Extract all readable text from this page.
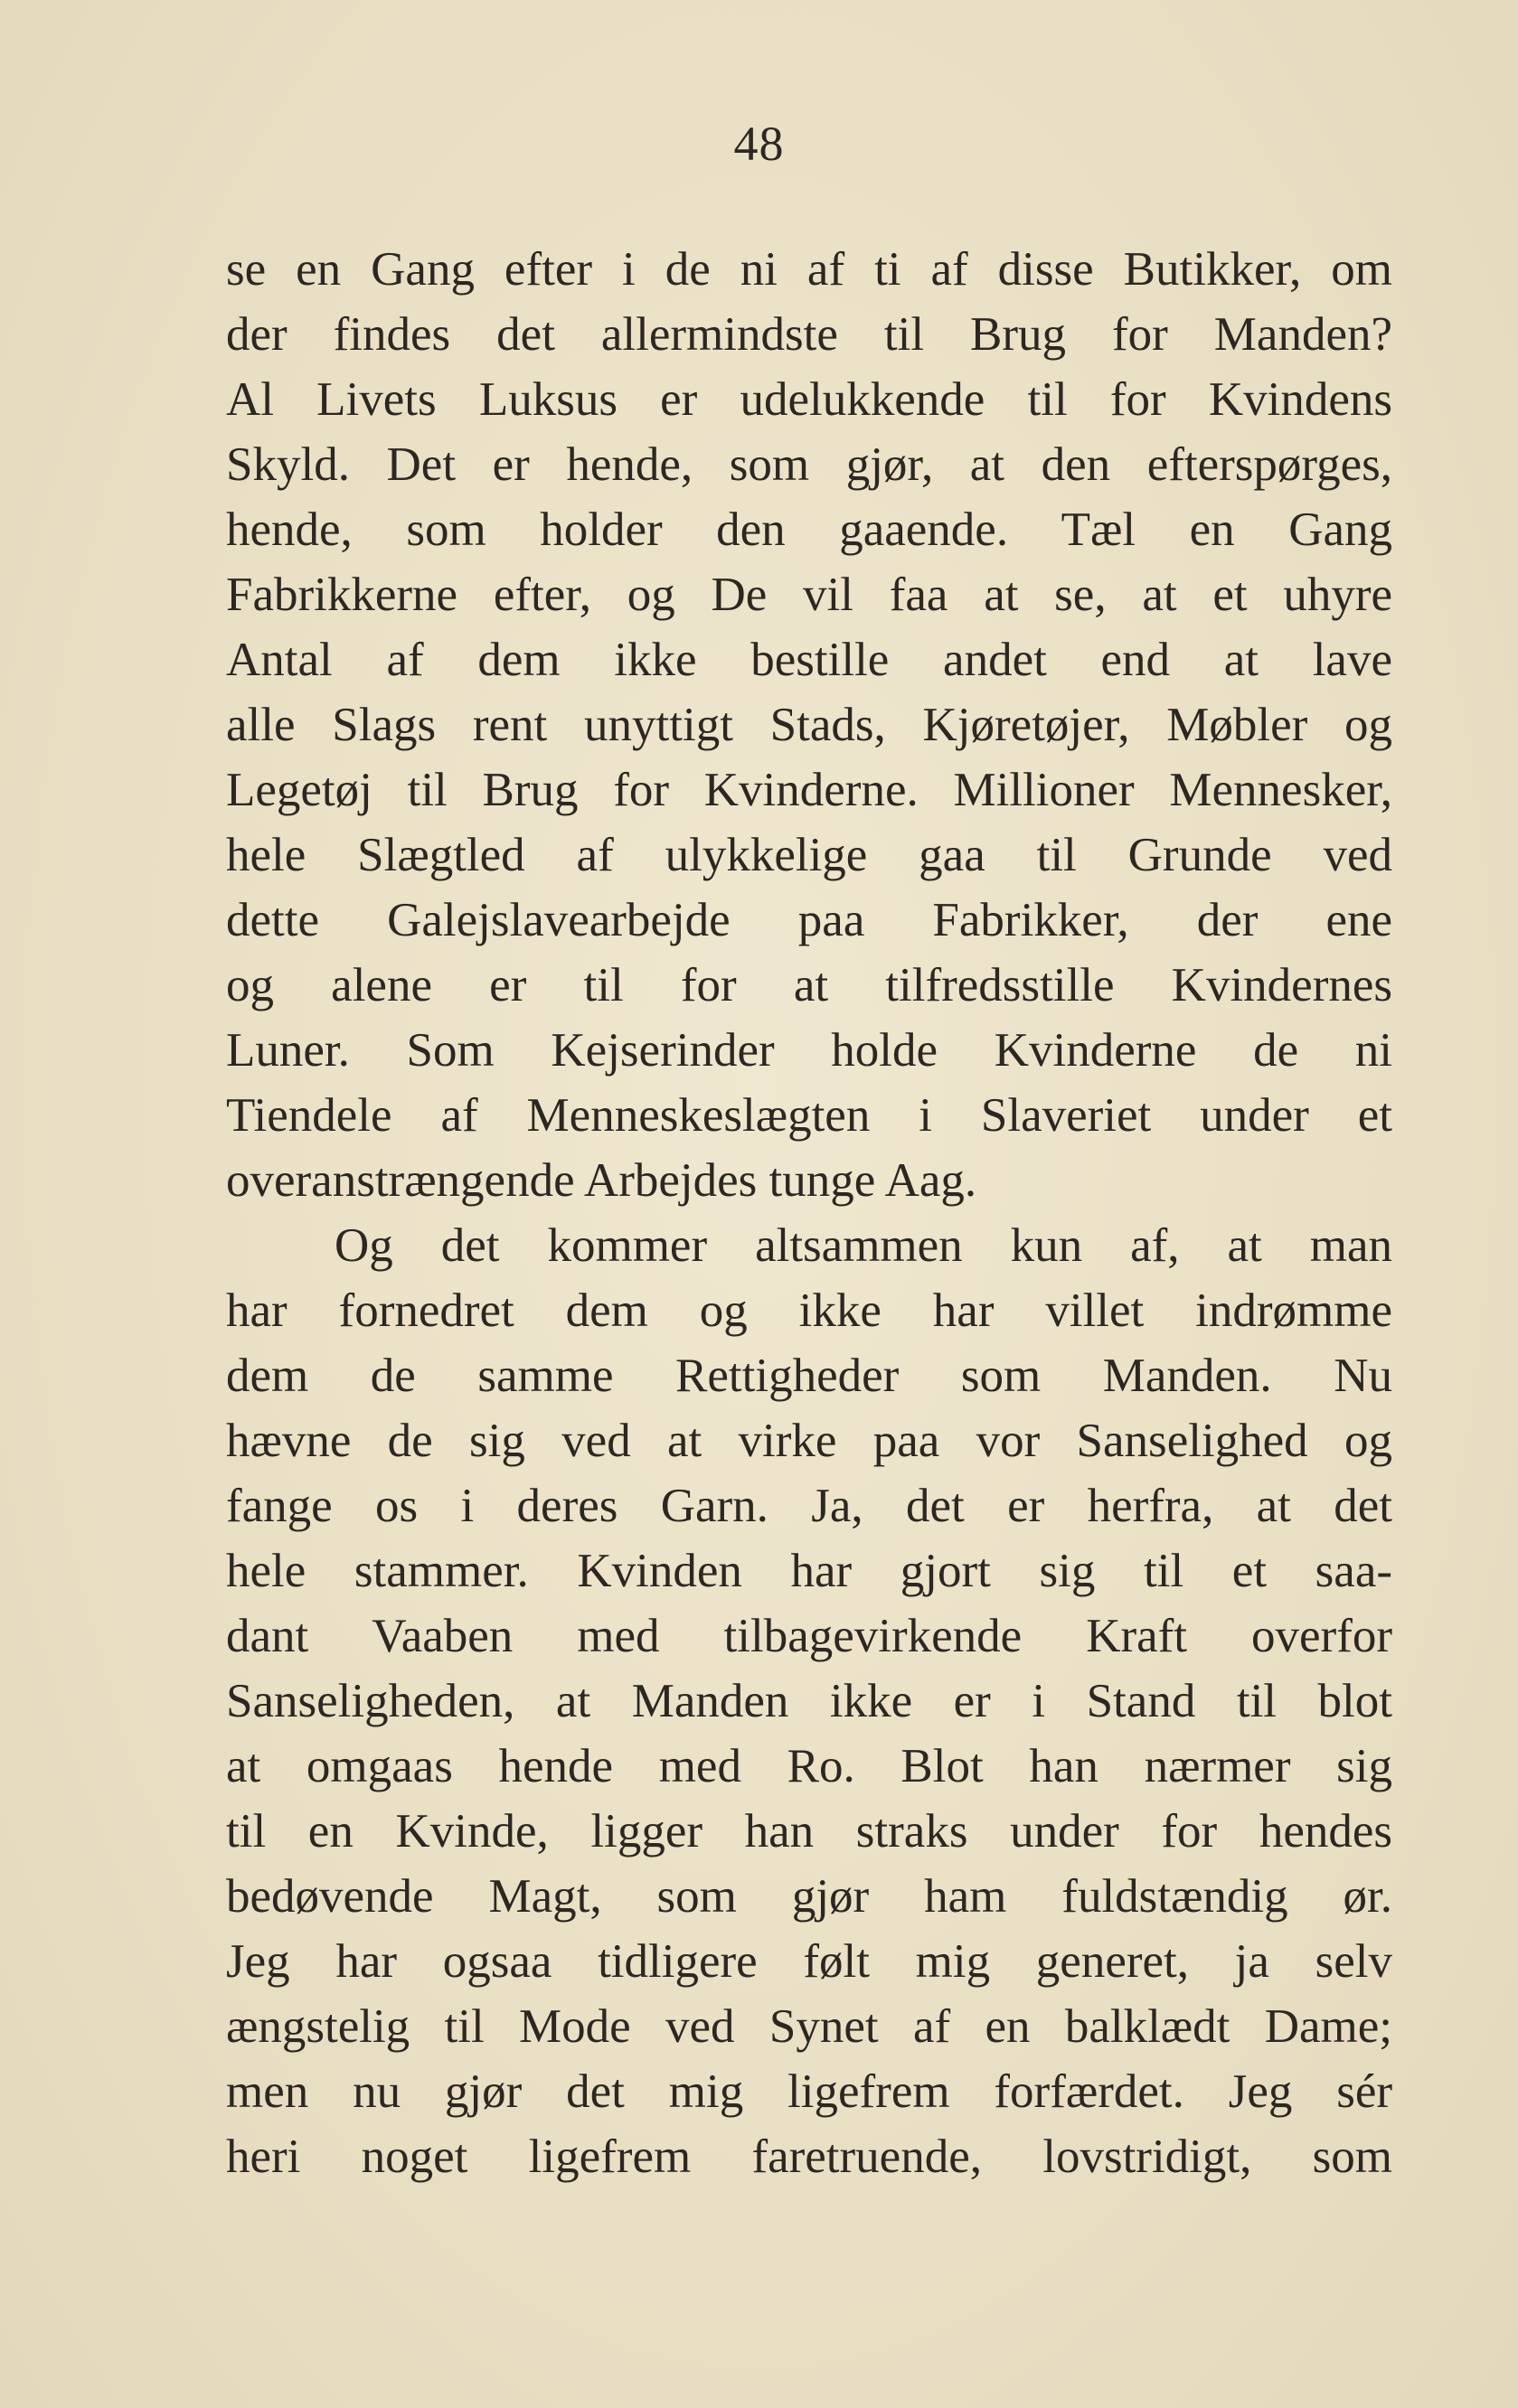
48
se en Gang efter i de ni af ti af disse Butikker, om
der findes det allermindste til Brug for Manden?
Al Livets Luksus er udelukkende til for Kvindens
Skyld. Det er hende, som gjør, at den efterspørges,
hende, som holder den gaaende. Tæl en Gang
Fabrikkerne efter, og De vil faa at se, at et uhyre
Antal af dem ikke bestille andet end at lave
alle Slags rent unyttigt Stads, Kjøretøjer, Møbler og
Legetøj til Brug for Kvinderne. Millioner Mennesker,
hele Slægtled af ulykkelige gaa til Grunde ved
dette Galejslavearbejde paa Fabrikker, der ene
og alene er til for at tilfredsstille Kvindernes
Luner. Som Kejserinder holde Kvinderne de ni
Tiendele af Menneskeslægten i Slaveriet under et
overanstrængende Arbejdes tunge Aag.
Og det kommer altsammen kun af, at man
har fornedret dem og ikke har villet indrømme
dem de samme Rettigheder som Manden. Nu
hævne de sig ved at virke paa vor Sanselighed og
fange os i deres Garn. Ja, det er herfra, at det
hele stammer. Kvinden har gjort sig til et saa-
dant Vaaben med tilbagevirkende Kraft overfor
Sanseligheden, at Manden ikke er i Stand til blot
at omgaas hende med Ro. Blot han nærmer sig
til en Kvinde, ligger han straks under for hendes
bedøvende Magt, som gjør ham fuldstændig ør.
Jeg har ogsaa tidligere følt mig generet, ja selv
ængstelig til Mode ved Synet af en balklædt Dame;
men nu gjør det mig ligefrem forfærdet. Jeg sér
heri noget ligefrem faretruende, lovstridigt, som
